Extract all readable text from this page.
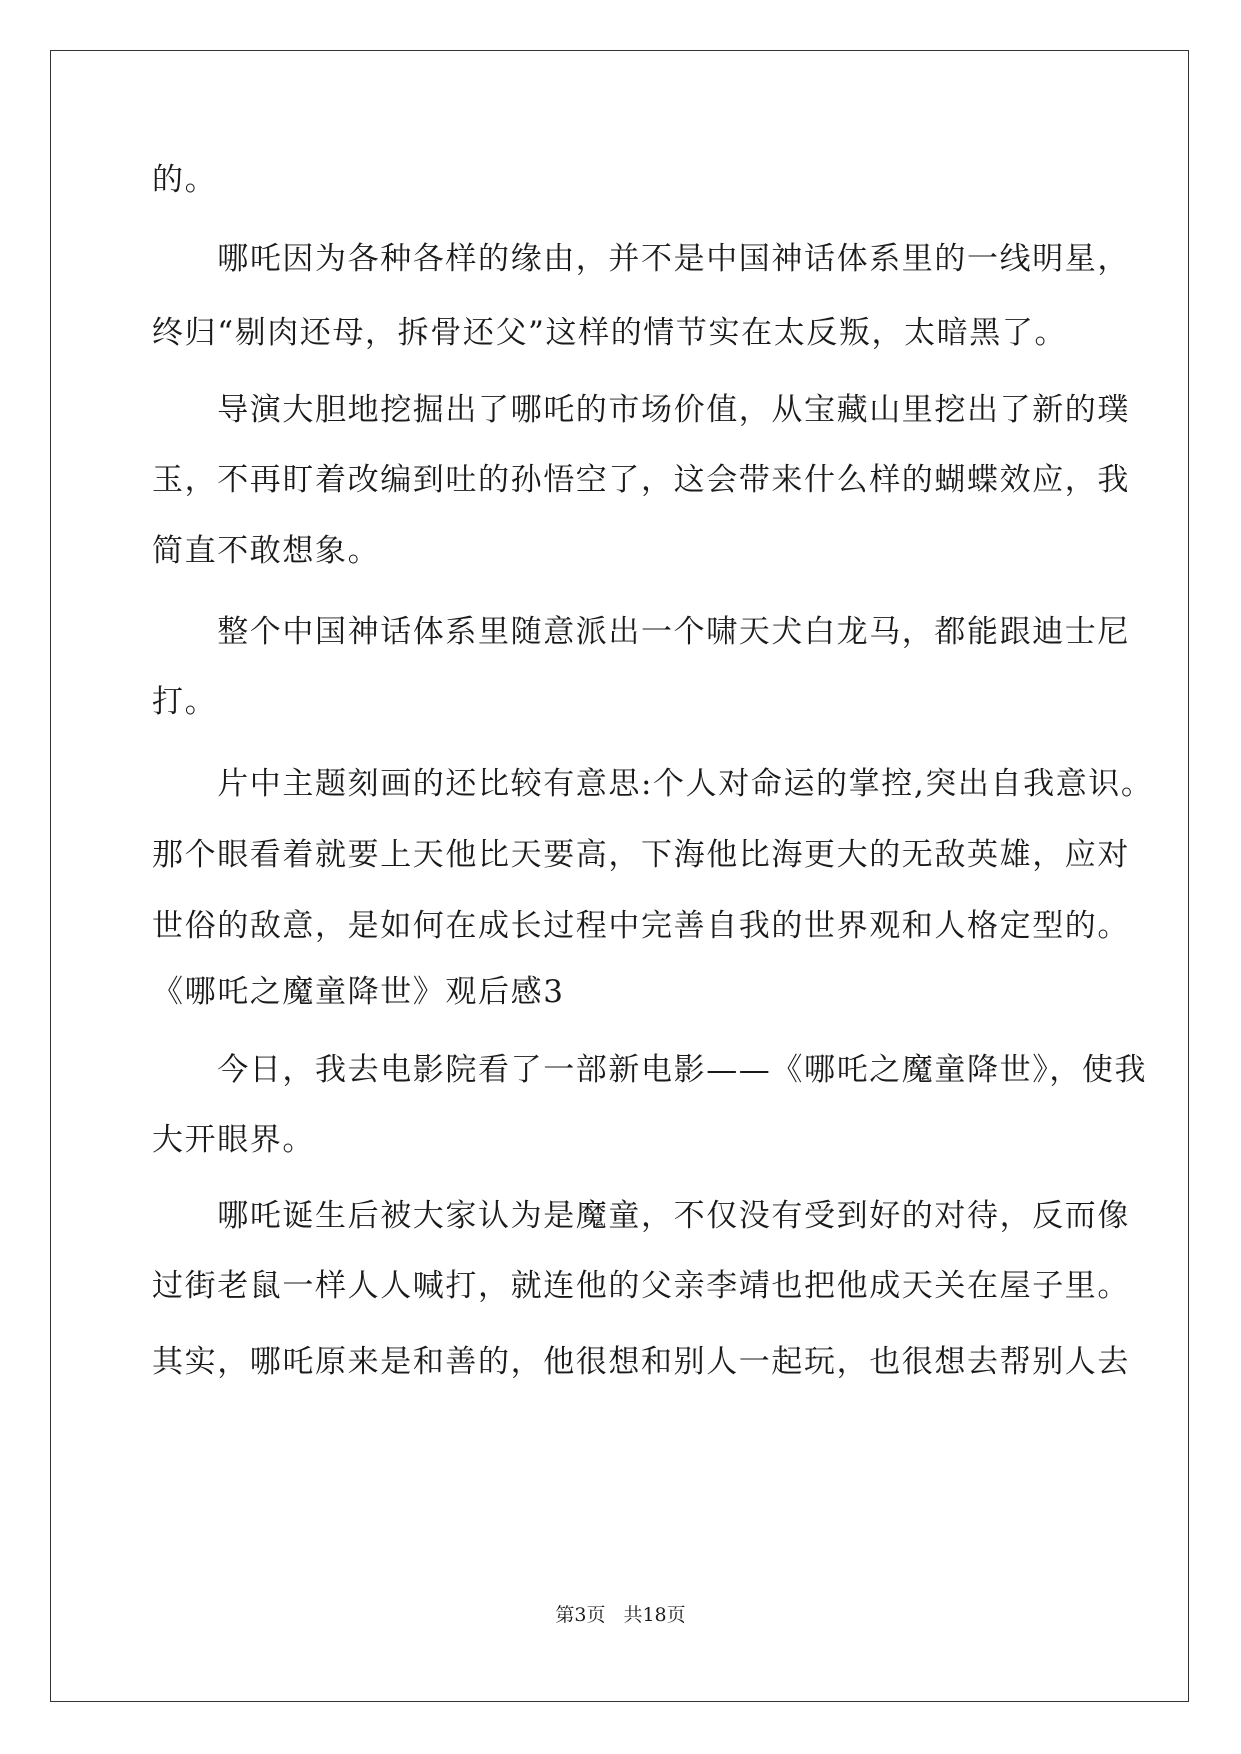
的。
　　哪吒因为各种各样的缘由，并不是中国神话体系里的一线明星，
终归“剔肉还母，拆骨还父”这样的情节实在太反叛，太暗黑了。
　　导演大胆地挖掘出了哪吒的市场价值，从宝藏山里挖出了新的璞
玉，不再盯着改编到吐的孙悟空了，这会带来什么样的蝴蝶效应，我
简直不敢想象。
　　整个中国神话体系里随意派出一个啸天犬白龙马，都能跟迪士尼
打。
　　片中主题刻画的还比较有意思:个人对命运的掌控,突出自我意识。
那个眼看着就要上天他比天要高，下海他比海更大的无敌英雄，应对
世俗的敌意，是如何在成长过程中完善自我的世界观和人格定型的。
《哪吒之魔童降世》观后感3
　　今日，我去电影院看了一部新电影——《哪吒之魔童降世》，使我
大开眼界。
　　哪吒诞生后被大家认为是魔童，不仅没有受到好的对待，反而像
过街老鼠一样人人喊打，就连他的父亲李靖也把他成天关在屋子里。
其实，哪吒原来是和善的，他很想和别人一起玩，也很想去帮别人去
第3页 共18页
